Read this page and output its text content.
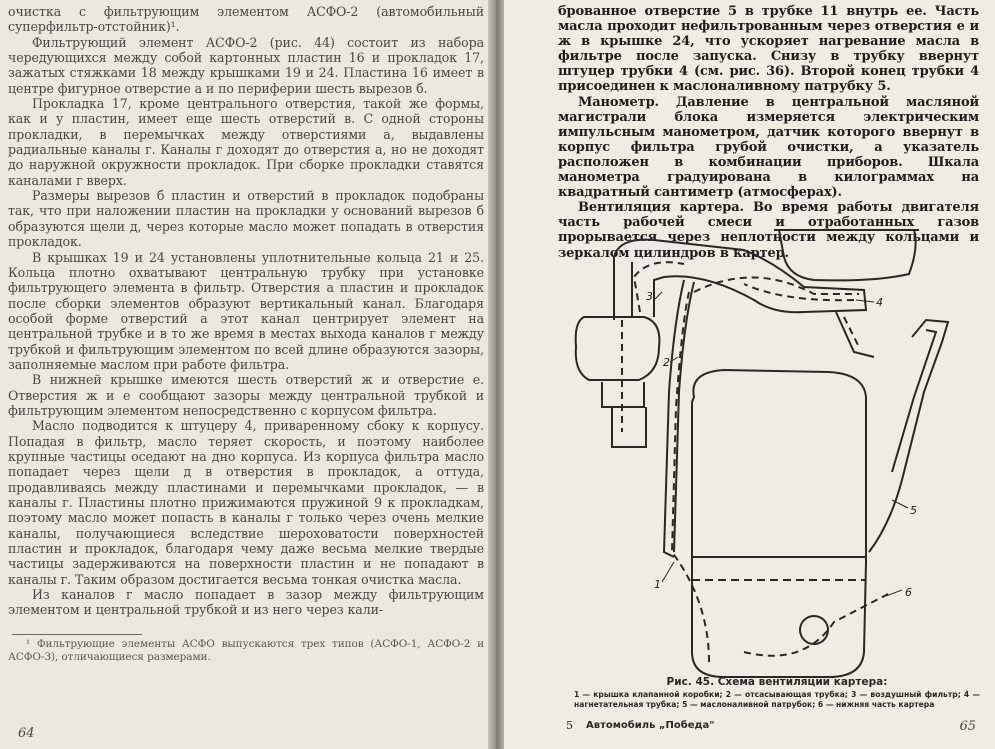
очистка с фильтрующим элементом АСФО-2 (автомобильный суперфильтр-отстойник)¹.

Фильтрующий элемент АСФО-2 (рис. 44) состоит из набора чередующихся между собой картонных пластин 16 и прокладок 17, зажатых стяжками 18 между крышками 19 и 24. Пластина 16 имеет в центре фигурное отверстие а и по периферии шесть вырезов б.

Прокладка 17, кроме центрального отверстия, такой же формы, как и у пластин, имеет еще шесть отверстий в. С одной стороны прокладки, в перемычках между отверстиями а, выдавлены радиальные каналы г. Каналы г доходят до отверстия а, но не доходят до наружной окружности прокладок. При сборке прокладки ставятся каналами г вверх.

Размеры вырезов б пластин и отверстий в прокладок подобраны так, что при наложении пластин на прокладки у оснований вырезов б образуются щели д, через которые масло может попадать в отверстия прокладок.

В крышках 19 и 24 установлены уплотнительные кольца 21 и 25. Кольца плотно охватывают центральную трубку при установке фильтрующего элемента в фильтр. Отверстия а пластин и прокладок после сборки элементов образуют вертикальный канал. Благодаря особой форме отверстий а этот канал центрирует элемент на центральной трубке и в то же время в местах выхода каналов г между трубкой и фильтрующим элементом по всей длине образуются зазоры, заполняемые маслом при работе фильтра.

В нижней крышке имеются шесть отверстий ж и отверстие е. Отверстия ж и е сообщают зазоры между центральной трубкой и фильтрующим элементом непосредственно с корпусом фильтра.

Масло подводится к штуцеру 4, приваренному сбоку к корпусу. Попадая в фильтр, масло теряет скорость, и поэтому наиболее крупные частицы оседают на дно корпуса. Из корпуса фильтра масло попадает через щели д в отверстия в прокладок, а оттуда, продавливаясь между пластинами и перемычками прокладок, — в каналы г. Пластины плотно прижимаются пружиной 9 к прокладкам, поэтому масло может попасть в каналы г только через очень мелкие каналы, получающиеся вследствие шероховатости поверхностей пластин и прокладок, благодаря чему даже весьма мелкие твердые частицы задерживаются на поверхности пластин и не попадают в каналы г. Таким образом достигается весьма тонкая очистка масла.

Из каналов г масло попадает в зазор между фильтрующим элементом и центральной трубкой и из него через кали-

¹ Фильтрующие элементы АСФО выпускаются трех типов (АСФО-1, АСФО-2 и АСФО-3), отличающиеся размерами.

64

брованное отверстие 5 в трубке 11 внутрь ее. Часть масла проходит нефильтрованным через отверстия е и ж в крышке 24, что ускоряет нагревание масла в фильтре после запуска. Снизу в трубку ввернут штуцер трубки 4 (см. рис. 36). Второй конец трубки 4 присоединен к маслоналивному патрубку 5.

Манометр. Давление в центральной масляной магистрали блока измеряется электрическим импульсным манометром, датчик которого ввернут в корпус фильтра грубой очистки, а указатель расположен в комбинации приборов. Шкала манометра градуирована в килограммах на квадратный сантиметр (атмосферах).

Вентиляция картера. Во время работы двигателя часть рабочей смеси и отработанных газов прорывается через неплотности между кольцами и зеркалом цилиндров в картер.

1
2
3	4
5
6
Рис. 45. Схема вентиляции картера:
1 — крышка клапанной коробки; 2 — отсасывающая трубка; 3 — воздушный фильтр; 4 — нагнетательная трубка; 5 — маслоналивной патрубок; 6 — нижняя часть картера
5 Автомобиль „Победа"	65
